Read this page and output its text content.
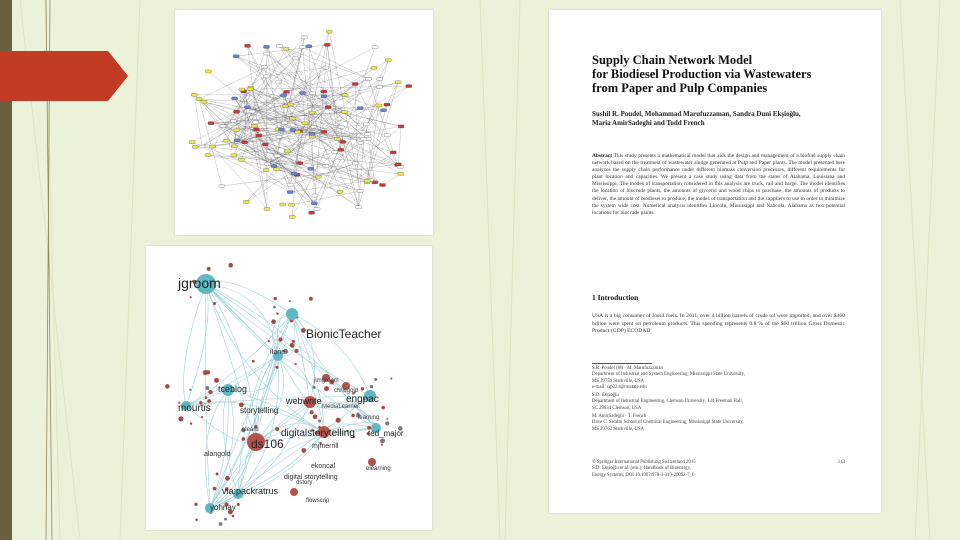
jgroom
BionicTeacher
iIane
tceblog
engpac
mourtis
webwrite
storytelling
ds106
digitalstorytelling
mjmerrill
ted_major
alangold
via:packratrus
yohnay
dstory
digital storytelling
ekoncal	elearning
learning
MediaLearner
chrisgold
jimgroom
elearn
flowscrip
Supply Chain Network Model
for Biodiesel Production via Wastewaters
from Paper and Pulp Companies
Sushil R. Poudel, Mohammad Marufuzzaman, Sandra Duni Ekşioğlu,
Maria AmirSadeghi and Todd French
Abstract This study presents a mathematical model that aids the design and management of a biofuel supply chain network based on the treatment of wastewater sludge generated at Pulp and Paper plants. The model presented here analyzes the supply chain performance under different biomass conversion processes, different requirements for plant location and capacities. We present a case study using data from the states of Alabama, Louisiana and Mississippi. The modes of transportation considered in this analysis are truck, rail and barge. The model identifies the location of biocrude plants, the amounts of glycerol and wood chips to purchase, the amounts of products to deliver, the amount of biodiesel to produce, the modes of transportation and the suppliers to use in order to minimize the system wide cost. Numerical analysis identifies Lincoln, Mississippi and Nahcola, Alabama as two potential locations for biocrude plants.
1 Introduction
USA is a big consumer of fossil fuels. In 2011, over 4 billion barrels of crude oil were imported, and over $460 billion were spent on petroleum products. This spending represents 0.8 % of the $60 trillion Gross Domestic Product (GDP) ECODAD
S.R. Poudel (✉) · M. Marufuzzaman
Department of Industrial and System Engineering, Mississippi State University,
MS 39759 Starkville, USA
e-mail: srp224@msstate.edu
S.D. Ekşioğlu
Department of Industrial Engineering, Clemson University, 134 Freeman Hall,
SC 29634 Clemson, USA
M. AmirSadeghi · T. French
Dave C. Swalm School of Chemical Engineering, Mississippi State University,
MS 39762 Starkville, USA
143
© Springer International Publishing Switzerland 2015
S.D. Ekşioğlu et al. (eds.), Handbook of Bioenergy,
Energy Systems, DOI 10.1007/978-3-319-20092-7_6
